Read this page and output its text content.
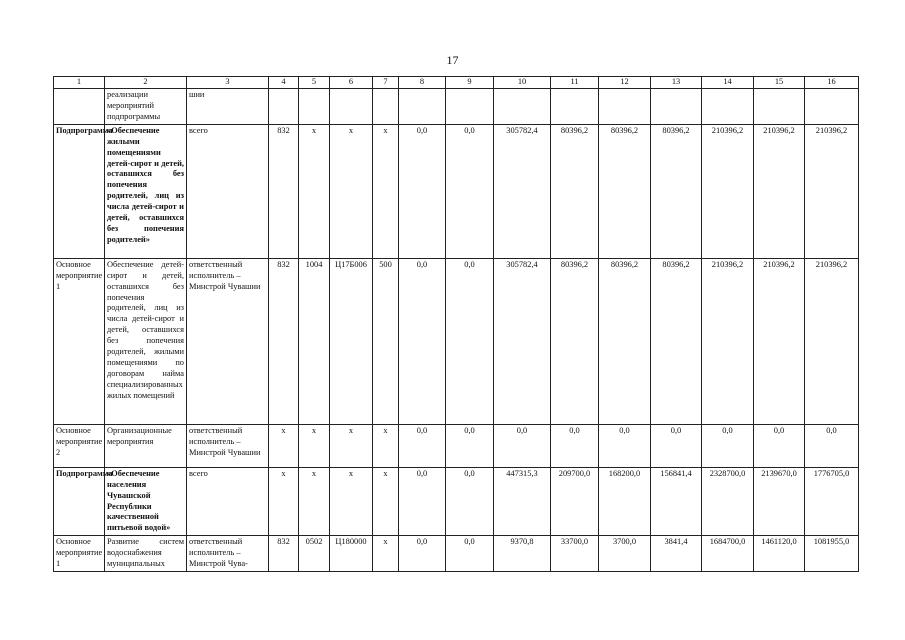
17
1	2	3	4	5	6	7	8	9	10	11	12	13	14	15	16
	реализации мероприятий подпрограммы	шии													
Подпрограмма	«Обеспечение жилыми помещениями детей-сирот и детей, оставшихся без попечения родителей, лиц из числа детей-сирот и детей, оставшихся без попечения родителей»	всего	832	x	x	x	0,0	0,0	305782,4	80396,2	80396,2	80396,2	210396,2	210396,2	210396,2
Основное мероприятие 1	Обеспечение детей-сирот и детей, оставшихся без попечения родителей, лиц из числа детей-сирот и детей, оставшихся без попечения родителей, жилыми помещениями по договорам найма специализированных жилых помещений	ответственный исполнитель – Минстрой Чувашии	832	1004	Ц17Б006	500	0,0	0,0	305782,4	80396,2	80396,2	80396,2	210396,2	210396,2	210396,2
Основное мероприятие 2	Организационные мероприятия	ответственный исполнитель – Минстрой Чувашии	x	x	x	x	0,0	0,0	0,0	0,0	0,0	0,0	0,0	0,0	0,0
Подпрограмма	«Обеспечение населения Чувашской Республики качественной питьевой водой»	всего	x	x	x	x	0,0	0,0	447315,3	209700,0	168200,0	156841,4	2328700,0	2139670,0	1776705,0
Основное мероприятие 1	Развитие систем водоснабжения муниципальных	ответственный исполнитель – Минстрой Чува-	832	0502	Ц180000	x	0,0	0,0	9370,8	33700,0	3700,0	3841,4	1684700,0	1461120,0	1081955,0
